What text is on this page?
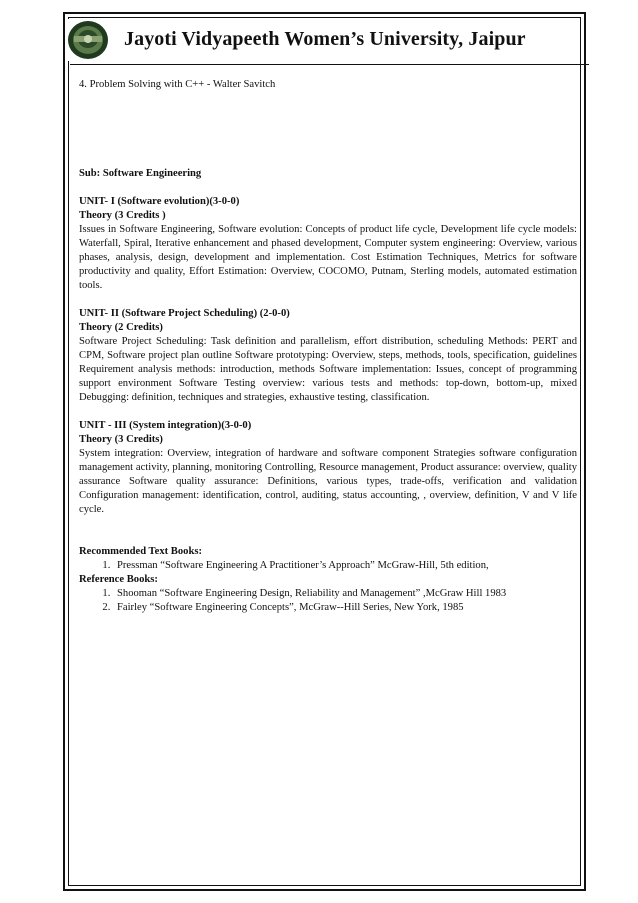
Jayoti Vidyapeeth Women’s University, Jaipur

4. Problem Solving with C++ - Walter Savitch

Sub: Software Engineering

UNIT- I (Software evolution)(3-0-0)

Theory (3 Credits )

Issues in Software Engineering, Software evolution: Concepts of product life cycle, Development life cycle models: Waterfall, Spiral, Iterative enhancement and phased development, Computer system engineering: Overview, various phases, analysis, design, development and implementation. Cost Estimation Techniques, Metrics for software productivity and quality, Effort Estimation: Overview, COCOMO, Putnam, Sterling models, automated estimation tools.

UNIT- II (Software Project Scheduling) (2-0-0)

Theory (2 Credits)

Software Project Scheduling: Task definition and parallelism, effort distribution, scheduling Methods: PERT and CPM, Software project plan outline Software prototyping: Overview, steps, methods, tools, specification, guidelines Requirement analysis methods: introduction, methods Software implementation: Issues, concept of programming support environment Software Testing overview: various tests and methods: top-down, bottom-up, mixed Debugging: definition, techniques and strategies, exhaustive testing, classification.

UNIT - III (System integration)(3-0-0)

Theory (3 Credits)

System integration: Overview, integration of hardware and software component Strategies software configuration management activity, planning, monitoring Controlling, Resource management, Product assurance: overview, quality assurance Software quality assurance: Definitions, various types, trade-offs, verification and validation Configuration management: identification, control, auditing, status accounting, , overview, definition, V and V life cycle.

Recommended Text Books:

1. Pressman “Software Engineering A Practitioner’s Approach” McGraw-Hill, 5th edition,

Reference Books:

1. Shooman “Software Engineering Design, Reliability and Management” ,McGraw Hill 1983
2. Fairley “Software Engineering Concepts”, McGraw--Hill Series, New York, 1985
